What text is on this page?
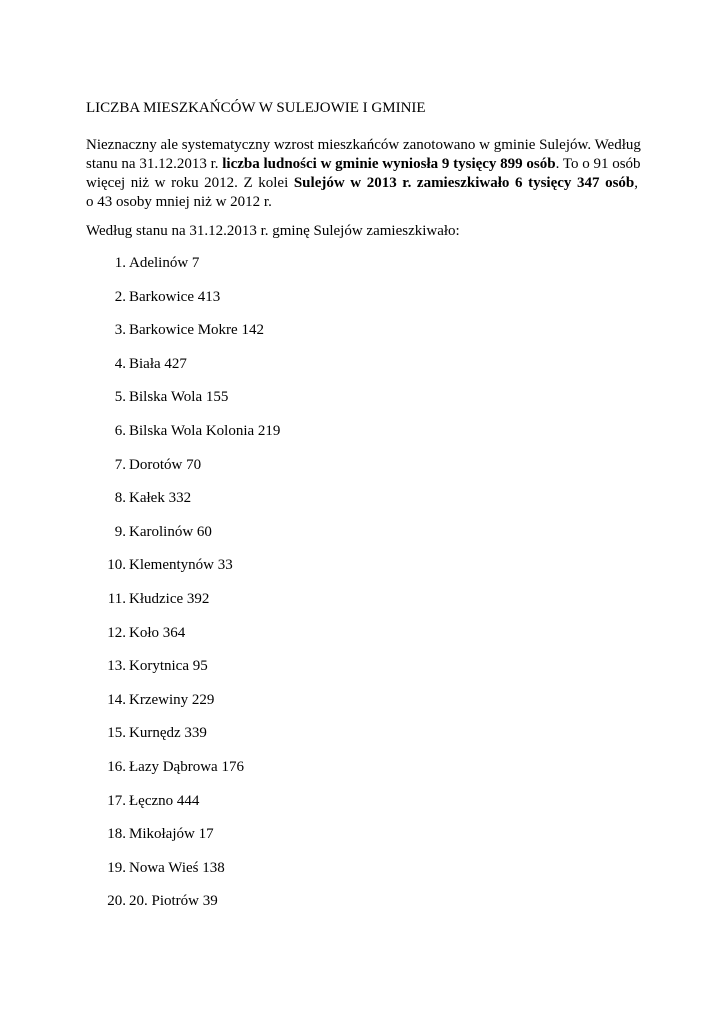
LICZBA MIESZKAŃCÓW W SULEJOWIE I GMINIE
Nieznaczny ale systematyczny wzrost mieszkańców zanotowano w gminie Sulejów. Według
stanu na 31.12.2013 r. liczba ludności w gminie wyniosła 9 tysięcy 899 osób. To o 91 osób
więcej niż w roku 2012. Z kolei Sulejów w 2013 r. zamieszkiwało 6 tysięcy 347 osób,
o 43 osoby mniej niż w 2012 r.
Według stanu na 31.12.2013 r. gminę Sulejów zamieszkiwało:
1. Adelinów 7
2. Barkowice 413
3. Barkowice Mokre 142
4. Biała 427
5. Bilska Wola 155
6. Bilska Wola Kolonia 219
7. Dorotów 70
8. Kałek 332
9. Karolinów 60
10. Klementynów 33
11. Kłudzice 392
12. Koło 364
13. Korytnica 95
14. Krzewiny 229
15. Kurnędz 339
16. Łazy Dąbrowa 176
17. Łęczno 444
18. Mikołajów 17
19. Nowa Wieś 138
20. 20. Piotrów 39
